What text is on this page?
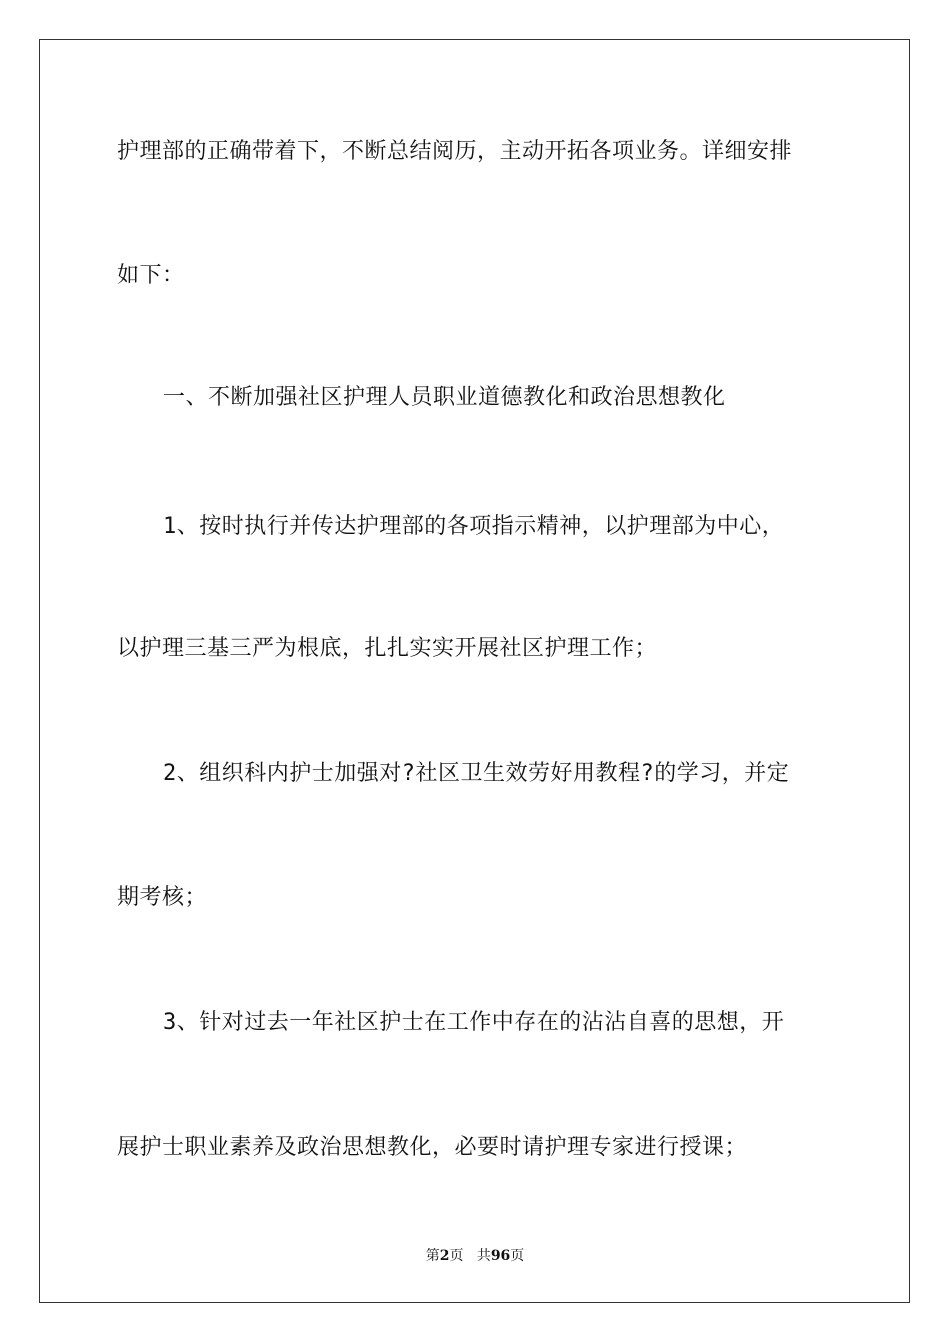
护理部的正确带着下，不断总结阅历，主动开拓各项业务。详细安排
如下：
一、不断加强社区护理人员职业道德教化和政治思想教化
1、按时执行并传达护理部的各项指示精神，以护理部为中心，
以护理三基三严为根底，扎扎实实开展社区护理工作；
2、组织科内护士加强对?社区卫生效劳好用教程?的学习，并定
期考核；
3、针对过去一年社区护士在工作中存在的沾沾自喜的思想，开
展护士职业素养及政治思想教化，必要时请护理专家进行授课；
第2页 共96页
